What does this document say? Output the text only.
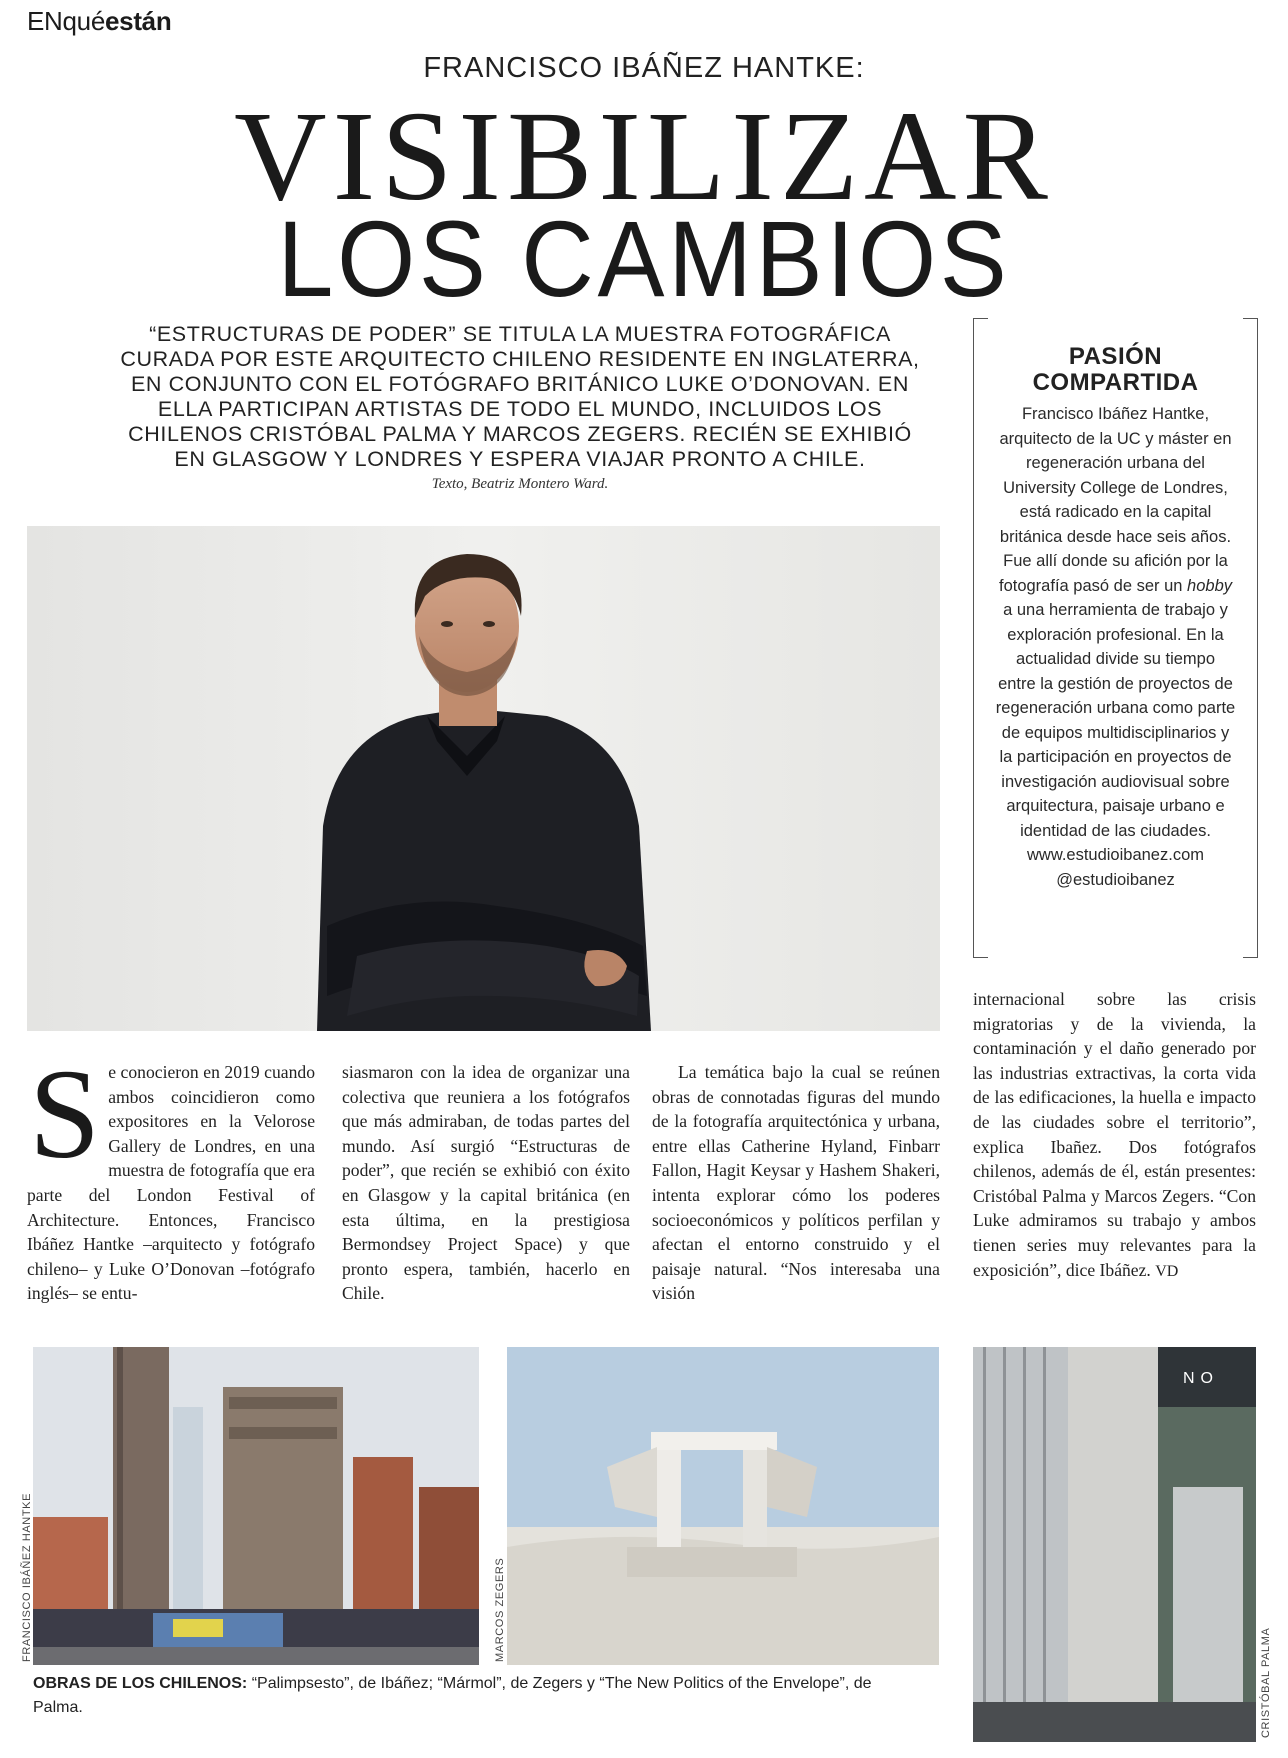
ENquéestán
FRANCISCO IBÁÑEZ HANTKE:
VISIBILIZAR
LOS CAMBIOS
“ESTRUCTURAS DE PODER” SE TITULA LA MUESTRA FOTOGRÁFICA
CURADA POR ESTE ARQUITECTO CHILENO RESIDENTE EN INGLATERRA,
EN CONJUNTO CON EL FOTÓGRAFO BRITÁNICO LUKE O’DONOVAN. EN
ELLA PARTICIPAN ARTISTAS DE TODO EL MUNDO, INCLUIDOS LOS
CHILENOS CRISTÓBAL PALMA Y MARCOS ZEGERS. RECIÉN SE EXHIBIÓ
EN GLASGOW Y LONDRES Y ESPERA VIAJAR PRONTO A CHILE.
Texto, Beatriz Montero Ward.
PASIÓN
COMPARTIDA
Francisco Ibáñez Hantke, arquitecto de la UC y máster en regeneración urbana del University College de Londres, está radicado en la capital británica desde hace seis años. Fue allí donde su afición por la fotografía pasó de ser un hobby a una herramienta de trabajo y exploración profesional. En la actualidad divide su tiempo entre la gestión de proyectos de regeneración urbana como parte de equipos multidisciplinarios y la participación en proyectos de investigación audiovisual sobre arquitectura, paisaje urbano e identidad de las ciudades.
www.estudioibanez.com
@estudioibanez
Se conocieron en 2019 cuando ambos coincidieron como expositores en la Velorose Gallery de Londres, en una muestra de fotografía que era parte del London Festival of Architecture. Entonces, Francisco Ibáñez Hantke –arquitecto y fotógrafo chileno– y Luke O’Donovan –fotógrafo inglés– se entu-
siasmaron con la idea de organizar una colectiva que reuniera a los fotógrafos que más admiraban, de todas partes del mundo. Así surgió “Estructuras de poder”, que recién se exhibió con éxito en Glasgow y la capital británica (en esta última, en la prestigiosa Bermondsey Project Space) y que pronto espera, también, hacerlo en Chile.
La temática bajo la cual se reúnen obras de connotadas figuras del mundo de la fotografía arquitectónica y urbana, entre ellas Catherine Hyland, Finbarr Fallon, Hagit Keysar y Hashem Shakeri, intenta explorar cómo los poderes socioeconómicos y políticos perfilan y afectan el entorno construido y el paisaje natural. “Nos interesaba una visión
internacional sobre las crisis migratorias y de la vivienda, la contaminación y el daño generado por las industrias extractivas, la corta vida de las edificaciones, la huella e impacto de las ciudades sobre el territorio”, explica Ibañez. Dos fotógrafos chilenos, además de él, están presentes: Cristóbal Palma y Marcos Zegers. “Con Luke admiramos su trabajo y ambos tienen series muy relevantes para la exposición”, dice Ibáñez. VD
NO
FRANCISCO IBÁÑEZ HANTKE	MARCOS ZEGERS
CRISTÓBAL PALMA
OBRAS DE LOS CHILENOS: “Palimpsesto”, de Ibáñez; “Mármol”, de Zegers y “The New Politics of the Envelope”, de Palma.
